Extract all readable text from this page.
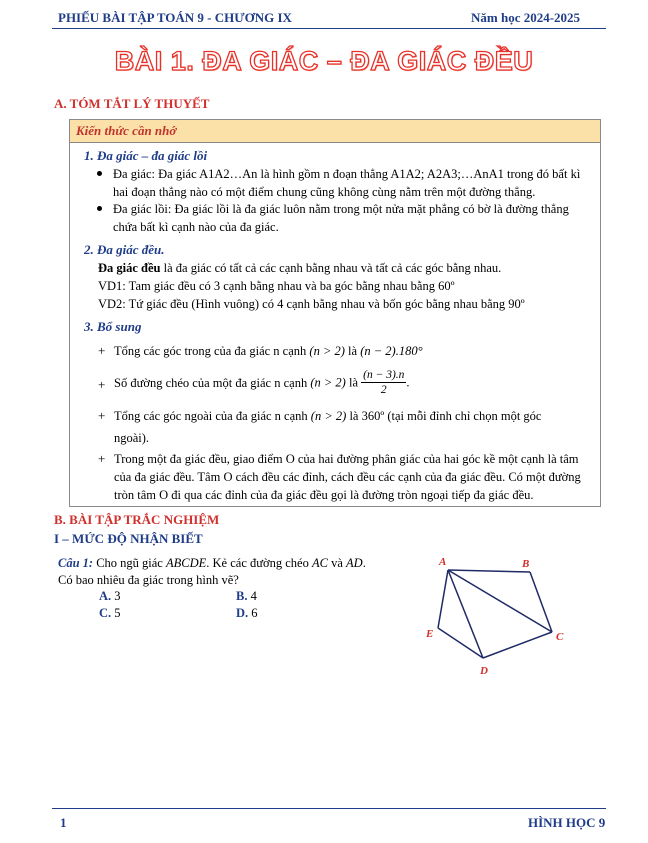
PHIẾU BÀI TẬP TOÁN 9 - CHƯƠNG IX	Năm học 2024-2025
BÀI 1. ĐA GIÁC – ĐA GIÁC ĐỀU
A. TÓM TẮT LÝ THUYẾT
Kiến thức cần nhớ
1. Đa giác – đa giác lồi
Đa giác: Đa giác A1A2…An là hình gồm n đoạn thẳng A1A2; A2A3;…AnA1 trong đó bất kì
hai đoạn thẳng nào có một điểm chung cũng không cùng nằm trên một đường thẳng.
Đa giác lồi: Đa giác lồi là đa giác luôn nằm trong một nửa mặt phẳng có bờ là đường thẳng
chứa bất kì cạnh nào của đa giác.
2. Đa giác đều.
Đa giác đều là đa giác có tất cả các cạnh bằng nhau và tất cả các góc bằng nhau.
VD1: Tam giác đều có 3 cạnh bằng nhau và ba góc bằng nhau bằng 60º
VD2: Tứ giác đều (Hình vuông) có 4 cạnh bằng nhau và bốn góc bằng nhau bằng 90º
3. Bổ sung
+ Tổng các góc trong của đa giác n cạnh (n > 2) là (n − 2).180°
+ Số đường chéo của một đa giác n cạnh (n > 2) là $\frac{(n - 3).n}{2}$ .
+ Tổng các góc ngoài của đa giác n cạnh (n > 2) là 360º (tại mỗi đỉnh chỉ chọn một góc
ngoài).
+ Trong một đa giác đều, giao điểm O của hai đường phân giác của hai góc kề một cạnh là tâm
của đa giác đều. Tâm O cách đều các đỉnh, cách đều các cạnh của đa giác đều. Có một đường
tròn tâm O đi qua các đỉnh của đa giác đều gọi là đường tròn ngoại tiếp đa giác đều.
B. BÀI TẬP TRẮC NGHIỆM
I – MỨC ĐỘ NHẬN BIẾT
Câu 1: Cho ngũ giác ABCDE. Kẻ các đường chéo AC và AD.
Có bao nhiêu đa giác trong hình vẽ?
A. 3	B. 4
C. 5	D. 6
A	B
C
D
E
1	HÌNH HỌC 9
